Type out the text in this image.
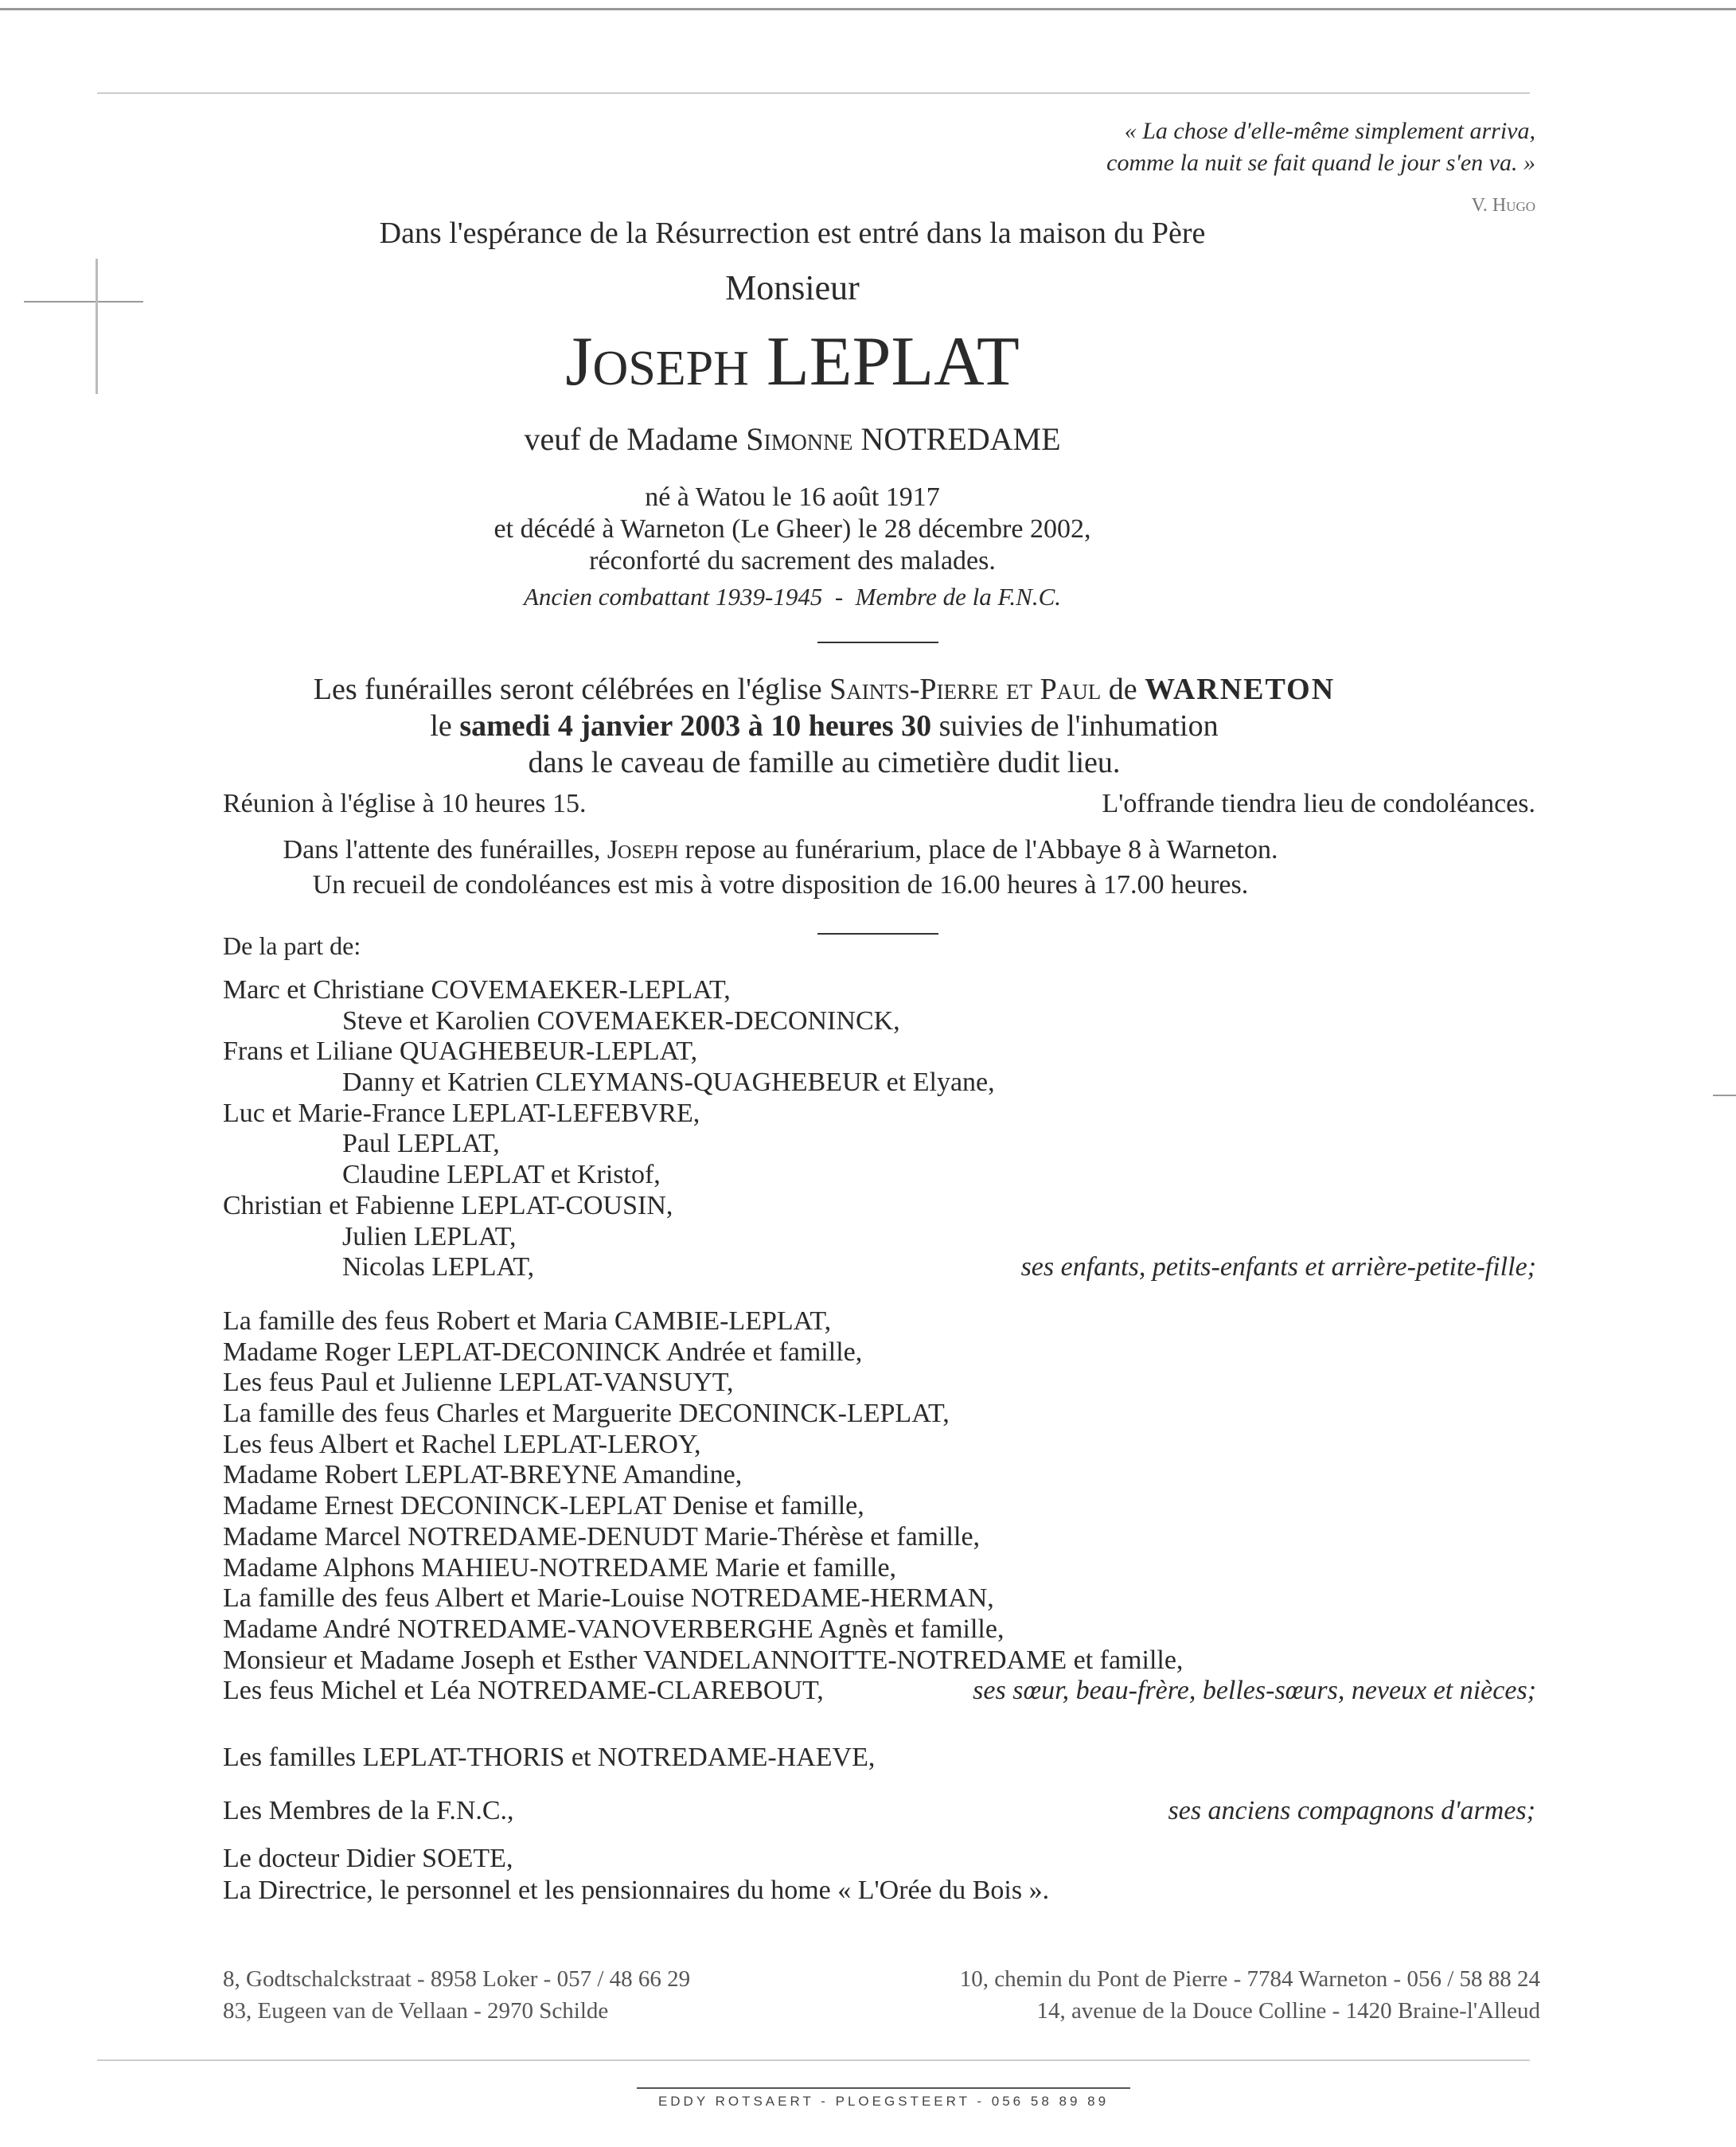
« La chose d'elle-même simplement arriva,
comme la nuit se fait quand le jour s'en va. »
V. Hugo
Dans l'espérance de la Résurrection est entré dans la maison du Père
Monsieur
Joseph LEPLAT
veuf de Madame Simonne NOTREDAME
né à Watou le 16 août 1917
et décédé à Warneton (Le Gheer) le 28 décembre 2002,
réconforté du sacrement des malades.
Ancien combattant 1939-1945  -  Membre de la F.N.C.
Les funérailles seront célébrées en l'église Saints-Pierre et Paul de WARNETON
le samedi 4 janvier 2003 à 10 heures 30 suivies de l'inhumation
dans le caveau de famille au cimetière dudit lieu.
Réunion à l'église à 10 heures 15.	L'offrande tiendra lieu de condoléances.
Dans l'attente des funérailles, Joseph repose au funérarium, place de l'Abbaye 8 à Warneton.
Un recueil de condoléances est mis à votre disposition de 16.00 heures à 17.00 heures.
De la part de:
Marc et Christiane COVEMAEKER-LEPLAT,
Steve et Karolien COVEMAEKER-DECONINCK,
Frans et Liliane QUAGHEBEUR-LEPLAT,
Danny et Katrien CLEYMANS-QUAGHEBEUR et Elyane,
Luc et Marie-France LEPLAT-LEFEBVRE,
Paul LEPLAT,
Claudine LEPLAT et Kristof,
Christian et Fabienne LEPLAT-COUSIN,
Julien LEPLAT,
Nicolas LEPLAT,	ses enfants, petits-enfants et arrière-petite-fille;
La famille des feus Robert et Maria CAMBIE-LEPLAT,
Madame Roger LEPLAT-DECONINCK Andrée et famille,
Les feus Paul et Julienne LEPLAT-VANSUYT,
La famille des feus Charles et Marguerite DECONINCK-LEPLAT,
Les feus Albert et Rachel LEPLAT-LEROY,
Madame Robert LEPLAT-BREYNE Amandine,
Madame Ernest DECONINCK-LEPLAT Denise et famille,
Madame Marcel NOTREDAME-DENUDT Marie-Thérèse et famille,
Madame Alphons MAHIEU-NOTREDAME Marie et famille,
La famille des feus Albert et Marie-Louise NOTREDAME-HERMAN,
Madame André NOTREDAME-VANOVERBERGHE Agnès et famille,
Monsieur et Madame Joseph et Esther VANDELANNOITTE-NOTREDAME et famille,
Les feus Michel et Léa NOTREDAME-CLAREBOUT,	ses sœur, beau-frère, belles-sœurs, neveux et nièces;
Les familles LEPLAT-THORIS et NOTREDAME-HAEVE,
Les Membres de la F.N.C.,	ses anciens compagnons d'armes;
Le docteur Didier SOETE,
La Directrice, le personnel et les pensionnaires du home « L'Orée du Bois ».
8, Godtschalckstraat - 8958 Loker - 057 / 48 66 29
83, Eugeen van de Vellaan - 2970 Schilde
10, chemin du Pont de Pierre - 7784 Warneton - 056 / 58 88 24
14, avenue de la Douce Colline - 1420 Braine-l'Alleud
EDDY ROTSAERT - PLOEGSTEERT - 056 58 89 89
